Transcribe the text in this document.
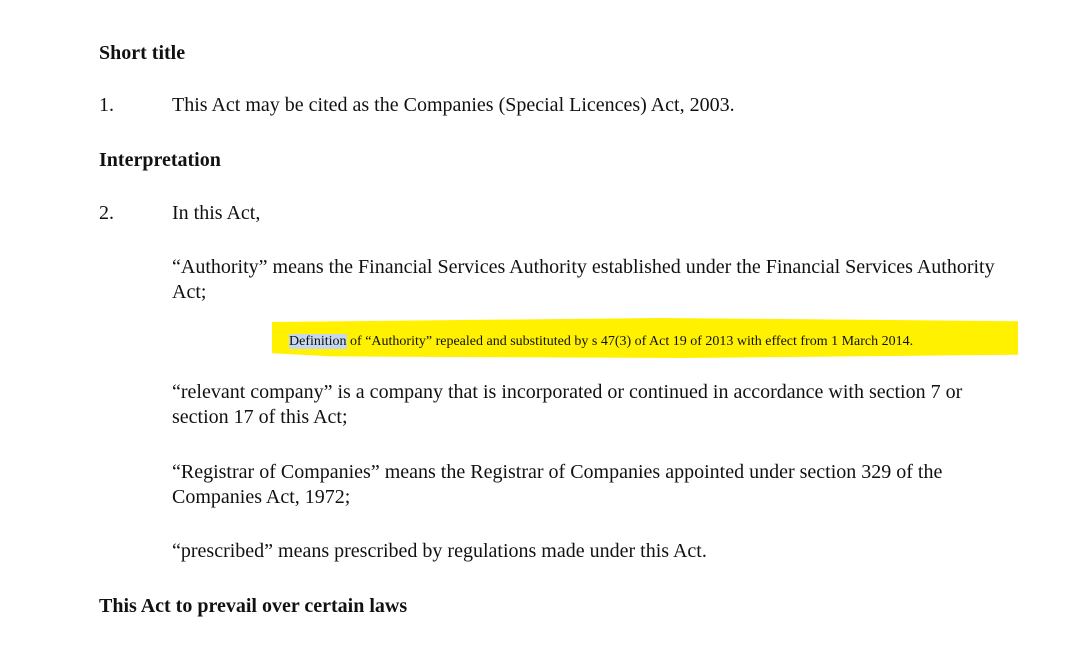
Short title
1.	This Act may be cited as the Companies (Special Licences) Act, 2003.
Interpretation
2.	In this Act,
“Authority” means the Financial Services Authority established under the Financial Services Authority Act;
Definition of “Authority” repealed and substituted by s 47(3) of Act 19 of 2013 with effect from 1 March 2014.
“relevant company” is a company that is incorporated or continued in accordance with section 7 or section 17 of this Act;
“Registrar of Companies” means the Registrar of Companies appointed under section 329 of the Companies Act, 1972;
“prescribed” means prescribed by regulations made under this Act.
This Act to prevail over certain laws
